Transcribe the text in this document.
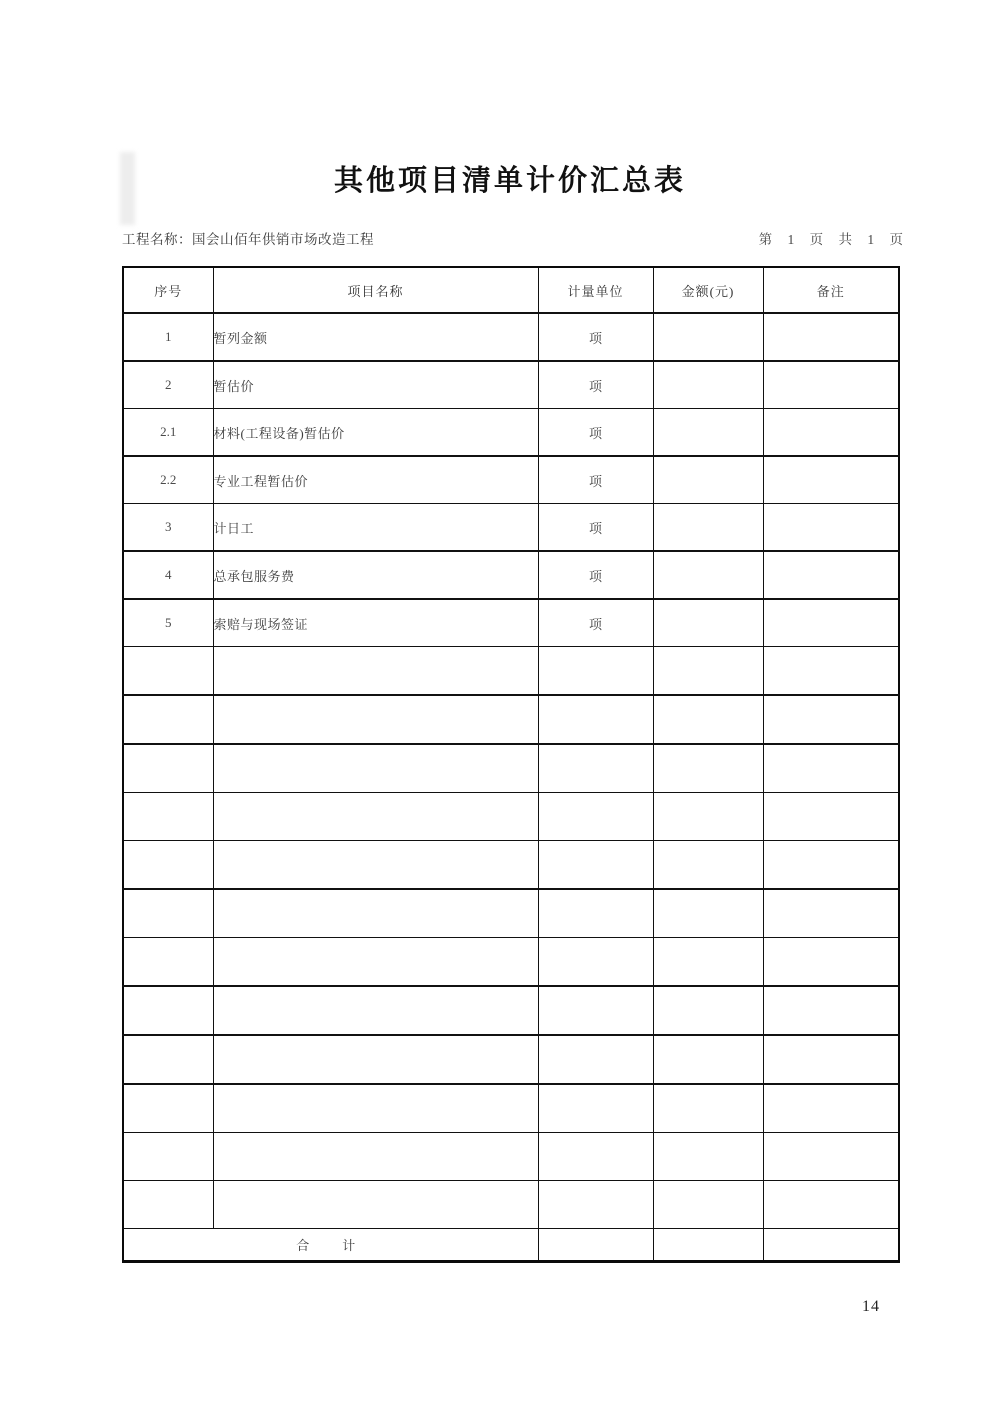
其他项目清单计价汇总表
工程名称：国会山佰年供销市场改造工程	第 1 页 共 1 页
序号	项目名称	计量单位	金额(元)	备注
1	暂列金额	项		
2	暂估价	项		
2.1	材料(工程设备)暂估价	项		
2.2	专业工程暂估价	项		
3	计日工	项		
4	总承包服务费	项		
5	索赔与现场签证	项		

合　计				
14
